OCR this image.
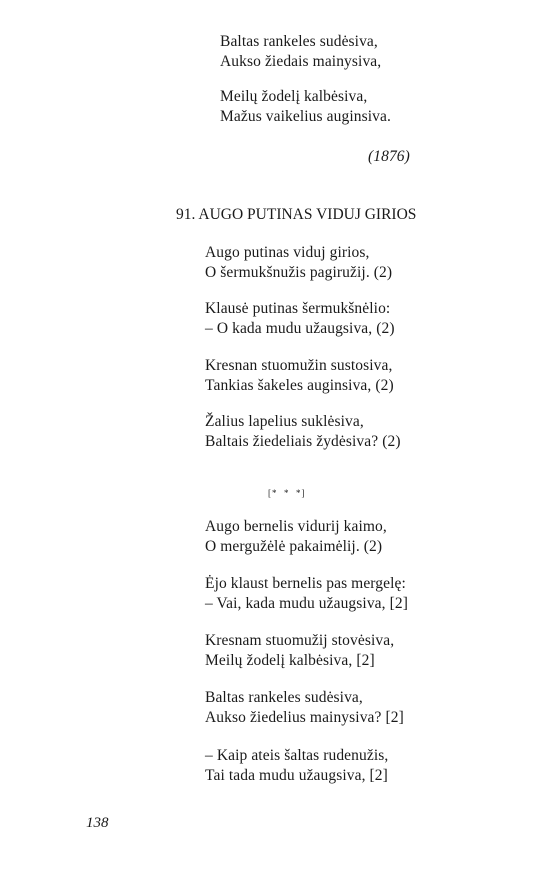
Baltas rankeles sudėsiva,
Aukso žiedais mainysiva,
Meilų žodelį kalbėsiva,
Mažus vaikelius auginsiva.
(1876)
91. AUGO PUTINAS VIDUJ GIRIOS
Augo putinas viduj girios,
O šermukšnužis pagiružij. (2)
Klausė putinas šermukšnėlio:
– O kada mudu užaugsiva, (2)
Kresnan stuomužin sustosiva,
Tankias šakeles auginsiva, (2)
Žalius lapelius suklėsiva,
Baltais žiedeliais žydėsiva? (2)
[*  *  *]
Augo bernelis vidurij kaimo,
O mergužėlė pakaimėlij. (2)
Ėjo klaust bernelis pas mergelę:
– Vai, kada mudu užaugsiva, [2]
Kresnam stuomužij stovėsiva,
Meilų žodelį kalbėsiva, [2]
Baltas rankeles sudėsiva,
Aukso žiedelius mainysiva? [2]
– Kaip ateis šaltas rudenužis,
Tai tada mudu užaugsiva, [2]
138
